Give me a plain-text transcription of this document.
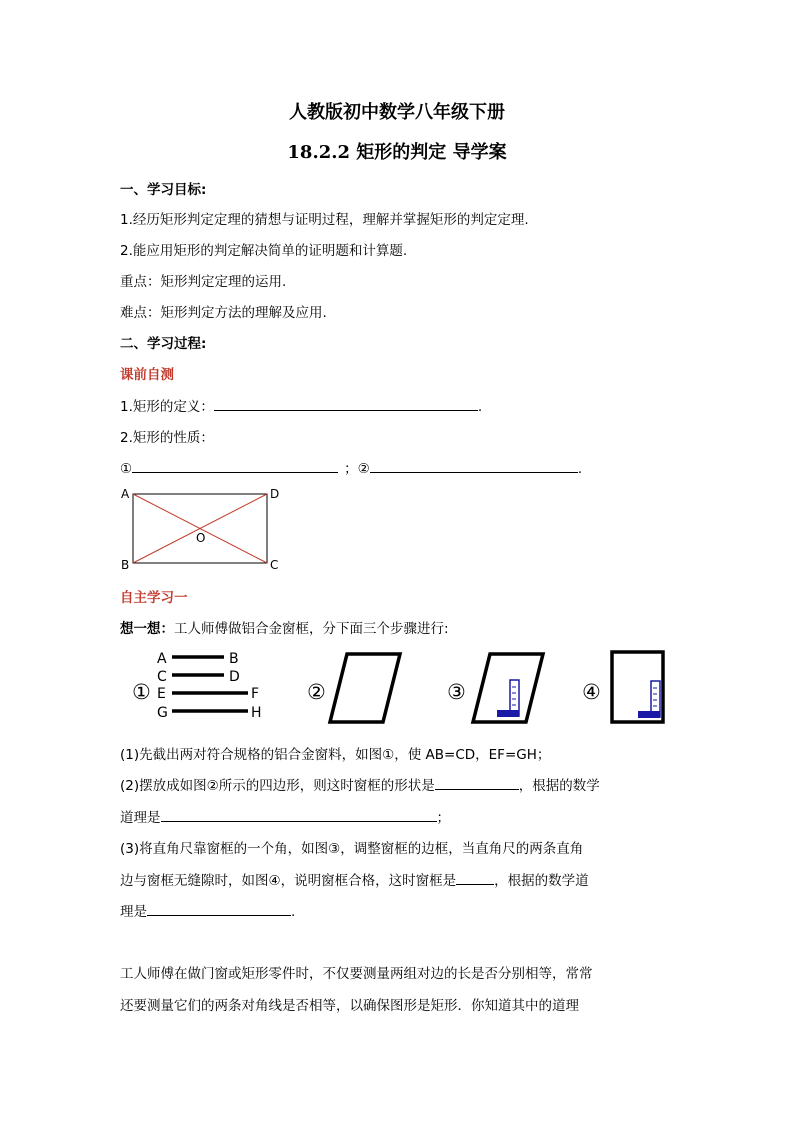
人教版初中数学八年级下册
18.2.2 矩形的判定 导学案
一、学习目标:
1.经历矩形判定定理的猜想与证明过程，理解并掌握矩形的判定定理.
2.能应用矩形的判定解决简单的证明题和计算题.
重点：矩形判定定理的运用.
难点：矩形判定方法的理解及应用.
二、学习过程:
课前自测
1.矩形的定义：	.
2.矩形的性质：
①	；②	.
A	D
B	C
O
自主学习一
想一想：工人师傅做铝合金窗框，分下面三个步骤进行:
①
A
C
E
G
B
D
F
H
②	③	④
(1)先截出两对符合规格的铝合金窗料，如图①，使 AB=CD，EF=GH；
(2)摆放成如图②所示的四边形，则这时窗框的形状是	，根据的数学
道理是	；
(3)将直角尺靠窗框的一个角，如图③，调整窗框的边框，当直角尺的两条直角
边与窗框无缝隙时，如图④，说明窗框合格，这时窗框是	，根据的数学道
理是	.
工人师傅在做门窗或矩形零件时，不仅要测量两组对边的长是否分别相等，常常
还要测量它们的两条对角线是否相等，以确保图形是矩形．你知道其中的道理
